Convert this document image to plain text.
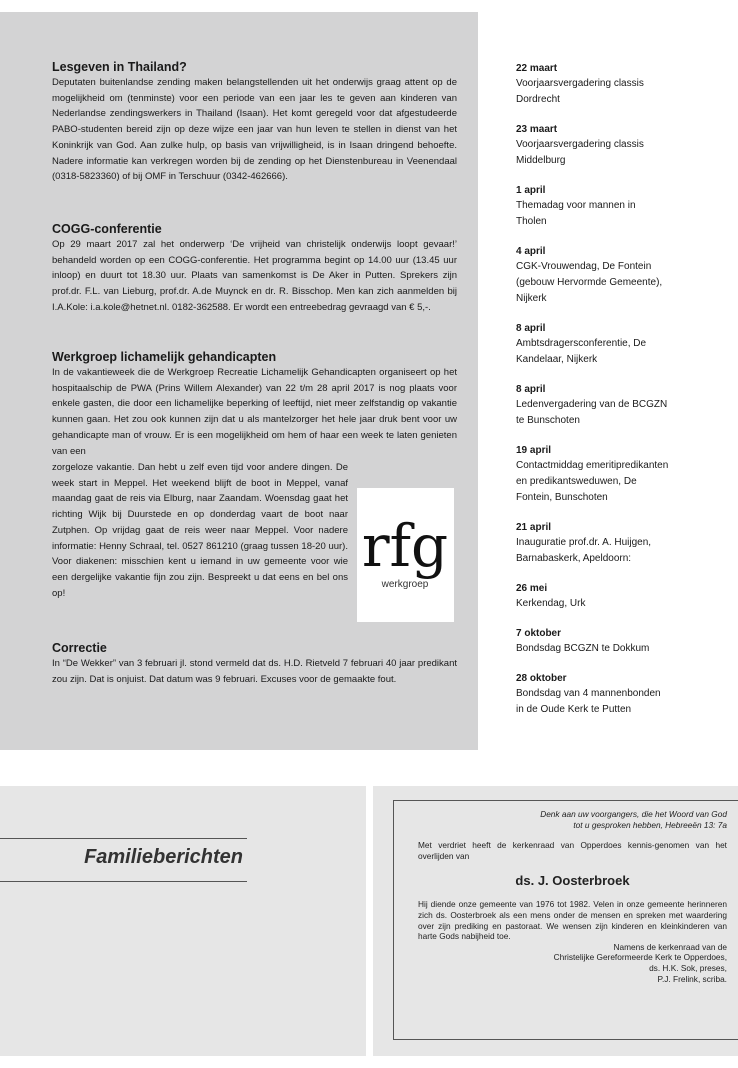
Lesgeven in Thailand?

Deputaten buitenlandse zending maken belangstellenden uit het onderwijs graag attent op de mogelijkheid om (tenminste) voor een periode van een jaar les te geven aan kinderen van Nederlandse zendingswerkers in Thailand (Isaan). Het komt geregeld voor dat afgestudeerde PABO-studenten bereid zijn op deze wijze een jaar van hun leven te stellen in dienst van het Koninkrijk van God. Aan zulke hulp, op basis van vrijwilligheid, is in Isaan dringend behoefte. Nadere informatie kan verkregen worden bij de zending op het Dienstenbureau in Veenendaal (0318-5823360) of bij OMF in Terschuur (0342-462666).

COGG-conferentie

Op 29 maart 2017 zal het onderwerp ‘De vrijheid van christelijk onderwijs loopt gevaar!’ behandeld worden op een COGG-conferentie. Het programma begint op 14.00 uur (13.45 uur inloop) en duurt tot 18.30 uur. Plaats van samenkomst is De Aker in Putten. Sprekers zijn prof.dr. F.L. van Lieburg, prof.dr. A.de Muynck en dr. R. Bisschop. Men kan zich aanmelden bij I.A.Kole: i.a.kole@hetnet.nl. 0182-362588. Er wordt een entreebedrag gevraagd van € 5,-.

Werkgroep lichamelijk gehandicapten

In de vakantieweek die de Werkgroep Recreatie Lichamelijk Gehandicapten organiseert op het hospitaalschip de PWA (Prins Willem Alexander) van 22 t/m 28 april 2017 is nog plaats voor enkele gasten, die door een lichamelijke beperking of leeftijd, niet meer zelfstandig op vakantie kunnen gaan. Het zou ook kunnen zijn dat u als mantelzorger het hele jaar druk bent voor uw gehandicapte man of vrouw. Er is een mogelijkheid om hem of haar een week te laten genieten van een

zorgeloze vakantie. Dan hebt u zelf even tijd voor andere dingen. De week start in Meppel. Het weekend blijft de boot in Meppel, vanaf maandag gaat de reis via Elburg, naar Zaandam. Woensdag gaat het richting Wijk bij Duurstede en op donderdag vaart de boot naar Zutphen. Op vrijdag gaat de reis weer naar Meppel. Voor nadere informatie: Henny Schraal, tel. 0527 861210 (graag tussen 18-20 uur). Voor diakenen: misschien kent u iemand in uw gemeente voor wie een dergelijke vakantie fijn zou zijn. Bespreekt u dat eens en bel ons op!
rfg
werkgroep
Correctie

In “De Wekker” van 3 februari jl. stond vermeld dat ds. H.D. Rietveld 7 februari 40 jaar predikant zou zijn. Dat is onjuist. Dat datum was 9 februari. Excuses voor de gemaakte fout.

22 maart
Voorjaarsvergadering classis
Dordrecht
23 maart
Voorjaarsvergadering classis
Middelburg
1 april
Themadag voor mannen in
Tholen
4 april
CGK-Vrouwendag, De Fontein
(gebouw Hervormde Gemeente),
Nijkerk
8 april
Ambtsdragersconferentie, De
Kandelaar, Nijkerk
8 april
Ledenvergadering van de BCGZN
te Bunschoten
19 april
Contactmiddag emeritipredikanten
en predikantsweduwen, De
Fontein, Bunschoten
21 april
Inauguratie prof.dr. A. Huijgen,
Barnabaskerk, Apeldoorn:
26 mei
Kerkendag, Urk
7 oktober
Bondsdag BCGZN te Dokkum
28 oktober
Bondsdag van 4 mannenbonden
in de Oude Kerk te Putten
Familieberichten
Denk aan uw voorgangers, die het Woord van God
tot u gesproken hebben, Hebreeën 13: 7a
Met verdriet heeft de kerkenraad van Opperdoes kennis-genomen van het overlijden van
ds. J. Oosterbroek
Hij diende onze gemeente van 1976 tot 1982. Velen in onze gemeente herinneren zich ds. Oosterbroek als een mens onder de mensen en spreken met waardering over zijn prediking en pastoraat. We wensen zijn kinderen en kleinkinderen van harte Gods nabijheid toe.
Namens de kerkenraad van de
Christelijke Gereformeerde Kerk te Opperdoes,
ds. H.K. Sok, preses,
P.J. Frelink, scriba.
